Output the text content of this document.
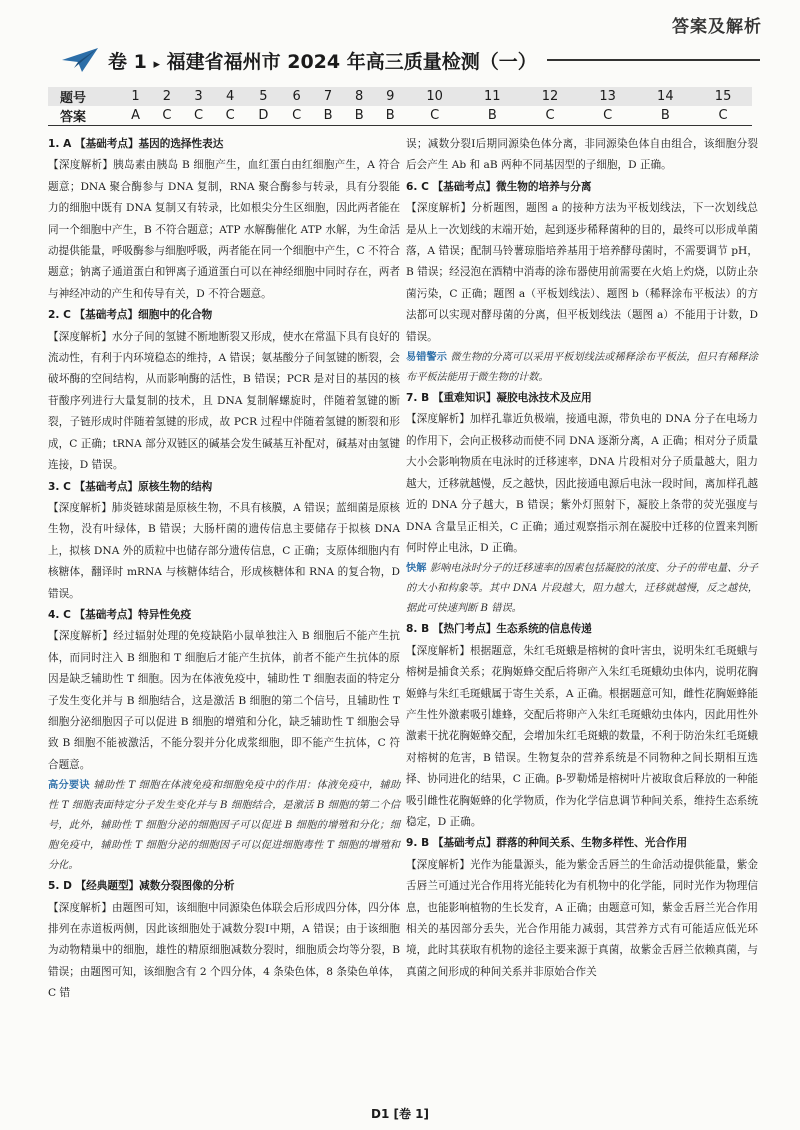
答案及解析
卷 1 ▸ 福建省福州市 2024 年高三质量检测（一）
题号	1	2	3	4	5	6	7	8	9	10	11	12	13	14	15
答案	A	C	C	C	D	C	B	B	B	C	B	C	C	B	C

1. A 【基础考点】基因的选择性表达

【深度解析】胰岛素由胰岛 B 细胞产生，血红蛋白由红细胞产生，A 符合题意；DNA 聚合酶参与 DNA 复制，RNA 聚合酶参与转录，具有分裂能力的细胞中既有 DNA 复制又有转录，比如根尖分生区细胞，因此两者能在同一个细胞中产生，B 不符合题意；ATP 水解酶催化 ATP 水解，为生命活动提供能量，呼吸酶参与细胞呼吸，两者能在同一个细胞中产生，C 不符合题意；钠离子通道蛋白和钾离子通道蛋白可以在神经细胞中同时存在，两者与神经冲动的产生和传导有关，D 不符合题意。

2. C 【基础考点】细胞中的化合物

【深度解析】水分子间的氢键不断地断裂又形成，使水在常温下具有良好的流动性，有利于内环境稳态的维持，A 错误；氨基酸分子间氢键的断裂，会破坏酶的空间结构，从而影响酶的活性，B 错误；PCR 是对目的基因的核苷酸序列进行大量复制的技术，且 DNA 复制解螺旋时，伴随着氢键的断裂，子链形成时伴随着氢键的形成，故 PCR 过程中伴随着氢键的断裂和形成，C 正确；tRNA 部分双链区的碱基会发生碱基互补配对，碱基对由氢键连接，D 错误。

3. C 【基础考点】原核生物的结构

【深度解析】肺炎链球菌是原核生物，不具有核膜，A 错误；蓝细菌是原核生物，没有叶绿体，B 错误；大肠杆菌的遗传信息主要储存于拟核 DNA 上，拟核 DNA 外的质粒中也储存部分遗传信息，C 正确；支原体细胞内有核糖体，翻译时 mRNA 与核糖体结合，形成核糖体和 RNA 的复合物，D 错误。

4. C 【基础考点】特异性免疫

【深度解析】经过辐射处理的免疫缺陷小鼠单独注入 B 细胞后不能产生抗体，而同时注入 B 细胞和 T 细胞后才能产生抗体，前者不能产生抗体的原因是缺乏辅助性 T 细胞。因为在体液免疫中，辅助性 T 细胞表面的特定分子发生变化并与 B 细胞结合，这是激活 B 细胞的第二个信号，且辅助性 T 细胞分泌细胞因子可以促进 B 细胞的增殖和分化，缺乏辅助性 T 细胞会导致 B 细胞不能被激活，不能分裂并分化成浆细胞，即不能产生抗体，C 符合题意。

高分要诀 辅助性 T 细胞在体液免疫和细胞免疫中的作用：体液免疫中，辅助性 T 细胞表面特定分子发生变化并与 B 细胞结合，是激活 B 细胞的第二个信号，此外，辅助性 T 细胞分泌的细胞因子可以促进 B 细胞的增殖和分化；细胞免疫中，辅助性 T 细胞分泌的细胞因子可以促进细胞毒性 T 细胞的增殖和分化。

5. D 【经典题型】减数分裂图像的分析

【深度解析】由题图可知，该细胞中同源染色体联会后形成四分体，四分体排列在赤道板两侧，因此该细胞处于减数分裂Ⅰ中期，A 错误；由于该细胞为动物精巢中的细胞，雄性的精原细胞减数分裂时，细胞质会均等分裂，B 错误；由题图可知，该细胞含有 2 个四分体，4 条染色体，8 条染色单体，C 错

误；减数分裂Ⅰ后期同源染色体分离，非同源染色体自由组合，该细胞分裂后会产生 Ab 和 aB 两种不同基因型的子细胞，D 正确。

6. C 【基础考点】微生物的培养与分离

【深度解析】分析题图，题图 a 的接种方法为平板划线法，下一次划线总是从上一次划线的末端开始，起到逐步稀释菌种的目的，最终可以形成单菌落，A 错误；配制马铃薯琼脂培养基用于培养酵母菌时，不需要调节 pH，B 错误；经浸泡在酒精中消毒的涂布器使用前需要在火焰上灼烧，以防止杂菌污染，C 正确；题图 a（平板划线法）、题图 b（稀释涂布平板法）的方法都可以实现对酵母菌的分离，但平板划线法（题图 a）不能用于计数，D 错误。

易错警示 微生物的分离可以采用平板划线法或稀释涂布平板法，但只有稀释涂布平板法能用于微生物的计数。

7. B 【重难知识】凝胶电泳技术及应用

【深度解析】加样孔靠近负极端，接通电源，带负电的 DNA 分子在电场力的作用下，会向正极移动而使不同 DNA 逐渐分离，A 正确；相对分子质量大小会影响物质在电泳时的迁移速率，DNA 片段相对分子质量越大，阻力越大，迁移就越慢，反之越快，因此接通电源后电泳一段时间，离加样孔越近的 DNA 分子越大，B 错误；紫外灯照射下，凝胶上条带的荧光强度与 DNA 含量呈正相关，C 正确；通过观察指示剂在凝胶中迁移的位置来判断何时停止电泳，D 正确。

快解 影响电泳时分子的迁移速率的因素包括凝胶的浓度、分子的带电量、分子的大小和构象等。其中 DNA 片段越大，阻力越大，迁移就越慢，反之越快，据此可快速判断 B 错误。

8. B 【热门考点】生态系统的信息传递

【深度解析】根据题意，朱红毛斑蛾是榕树的食叶害虫，说明朱红毛斑蛾与榕树是捕食关系；花胸姬蜂交配后将卵产入朱红毛斑蛾幼虫体内，说明花胸姬蜂与朱红毛斑蛾属于寄生关系，A 正确。根据题意可知，雌性花胸姬蜂能产生性外激素吸引雄蜂，交配后将卵产入朱红毛斑蛾幼虫体内，因此用性外激素干扰花胸姬蜂交配，会增加朱红毛斑蛾的数量，不利于防治朱红毛斑蛾对榕树的危害，B 错误。生物复杂的营养系统是不同物种之间长期相互选择、协同进化的结果，C 正确。β-罗勒烯是榕树叶片被取食后释放的一种能吸引雌性花胸姬蜂的化学物质，作为化学信息调节种间关系，维持生态系统稳定，D 正确。

9. B 【基础考点】群落的种间关系、生物多样性、光合作用

【深度解析】光作为能量源头，能为紫金舌唇兰的生命活动提供能量，紫金舌唇兰可通过光合作用将光能转化为有机物中的化学能，同时光作为物理信息，也能影响植物的生长发育，A 正确；由题意可知，紫金舌唇兰光合作用相关的基因部分丢失，光合作用能力减弱，其营养方式有可能适应低光环境，此时其获取有机物的途径主要来源于真菌，故紫金舌唇兰依赖真菌，与真菌之间形成的种间关系并非原始合作关

D1 [卷 1]
